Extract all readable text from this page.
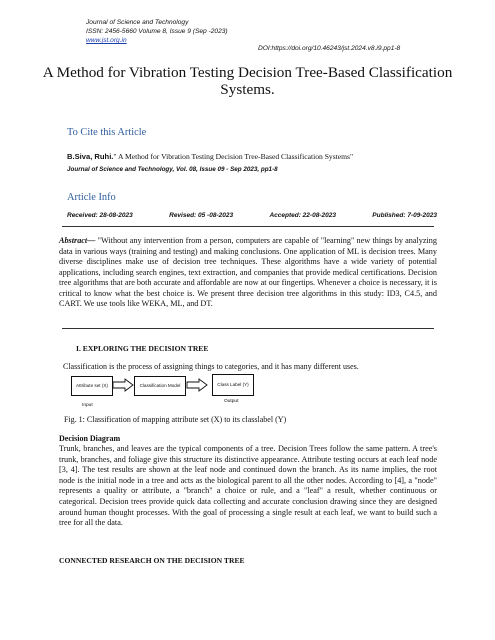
Journal of Science and Technology
ISSN: 2456-5660 Volume 8, Issue 9 (Sep -2023)
www.jst.org.in
DOI:https://doi.org/10.46243/jst.2024.v8.i9.pp1-8
A Method for Vibration Testing Decision Tree-Based Classification Systems.
To Cite this Article
B.Siva, Ruhi." A Method for Vibration Testing Decision Tree-Based Classification Systems"
Journal of Science and Technology, Vol. 08, Issue 09 - Sep 2023, pp1-8
Article Info
Received: 28-08-2023	Revised: 05 -08-2023	Accepted: 22-08-2023	Published: 7-09-2023
Abstract— "Without any intervention from a person, computers are capable of "learning" new things by analyzing data in various ways (training and testing) and making conclusions. One application of ML is decision trees. Many diverse disciplines make use of decision tree techniques. These algorithms have a wide variety of potential applications, including search engines, text extraction, and companies that provide medical certifications. Decision tree algorithms that are both accurate and affordable are now at our fingertips. Whenever a choice is necessary, it is critical to know what the best choice is. We present three decision tree algorithms in this study: ID3, C4.5, and CART. We use tools like WEKA, ML, and DT.
I. EXPLORING THE DECISION TREE
Classification is the process of assigning things to categories, and it has many different uses.
Attribute set (X)	Classification Model	Class Label (Y)
Input
Output
Fig. 1: Classification of mapping attribute set (X) to its classlabel (Y)
Decision Diagram
Trunk, branches, and leaves are the typical components of a tree. Decision Trees follow the same pattern. A tree's trunk, branches, and foliage give this structure its distinctive appearance. Attribute testing occurs at each leaf node [3, 4]. The test results are shown at the leaf node and continued down the branch. As its name implies, the root node is the initial node in a tree and acts as the biological parent to all the other nodes. According to [4], a "node" represents a quality or attribute, a "branch" a choice or rule, and a "leaf" a result, whether continuous or categorical. Decision trees provide quick data collecting and accurate conclusion drawing since they are designed around human thought processes. With the goal of processing a single result at each leaf, we want to build such a tree for all the data.
CONNECTED RESEARCH ON THE DECISION TREE
